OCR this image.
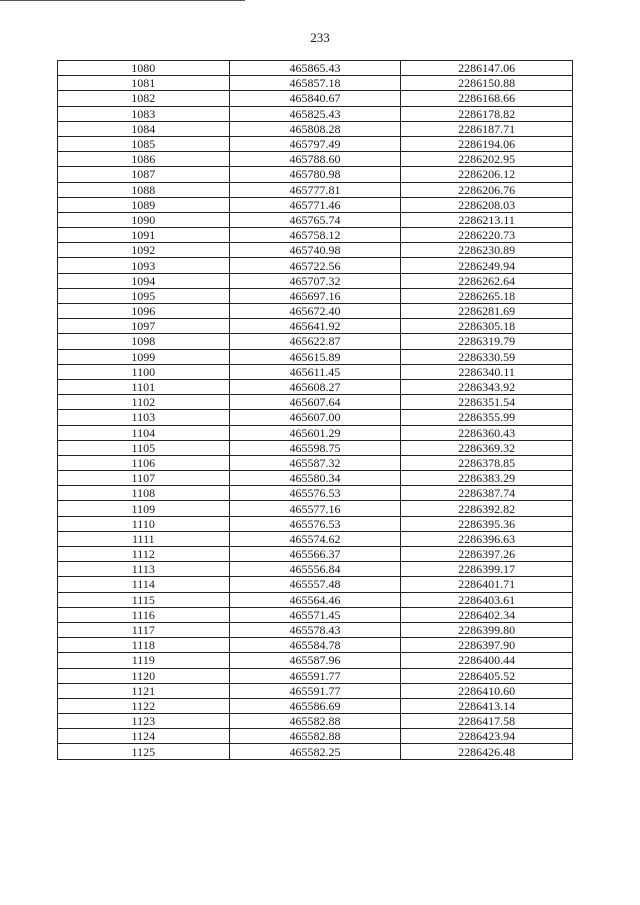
233
1080	465865.43	2286147.06
1081	465857.18	2286150.88
1082	465840.67	2286168.66
1083	465825.43	2286178.82
1084	465808.28	2286187.71
1085	465797.49	2286194.06
1086	465788.60	2286202.95
1087	465780.98	2286206.12
1088	465777.81	2286206.76
1089	465771.46	2286208.03
1090	465765.74	2286213.11
1091	465758.12	2286220.73
1092	465740.98	2286230.89
1093	465722.56	2286249.94
1094	465707.32	2286262.64
1095	465697.16	2286265.18
1096	465672.40	2286281.69
1097	465641.92	2286305.18
1098	465622.87	2286319.79
1099	465615.89	2286330.59
1100	465611.45	2286340.11
1101	465608.27	2286343.92
1102	465607.64	2286351.54
1103	465607.00	2286355.99
1104	465601.29	2286360.43
1105	465598.75	2286369.32
1106	465587.32	2286378.85
1107	465580.34	2286383.29
1108	465576.53	2286387.74
1109	465577.16	2286392.82
1110	465576.53	2286395.36
1111	465574.62	2286396.63
1112	465566.37	2286397.26
1113	465556.84	2286399.17
1114	465557.48	2286401.71
1115	465564.46	2286403.61
1116	465571.45	2286402.34
1117	465578.43	2286399.80
1118	465584.78	2286397.90
1119	465587.96	2286400.44
1120	465591.77	2286405.52
1121	465591.77	2286410.60
1122	465586.69	2286413.14
1123	465582.88	2286417.58
1124	465582.88	2286423.94
1125	465582.25	2286426.48
